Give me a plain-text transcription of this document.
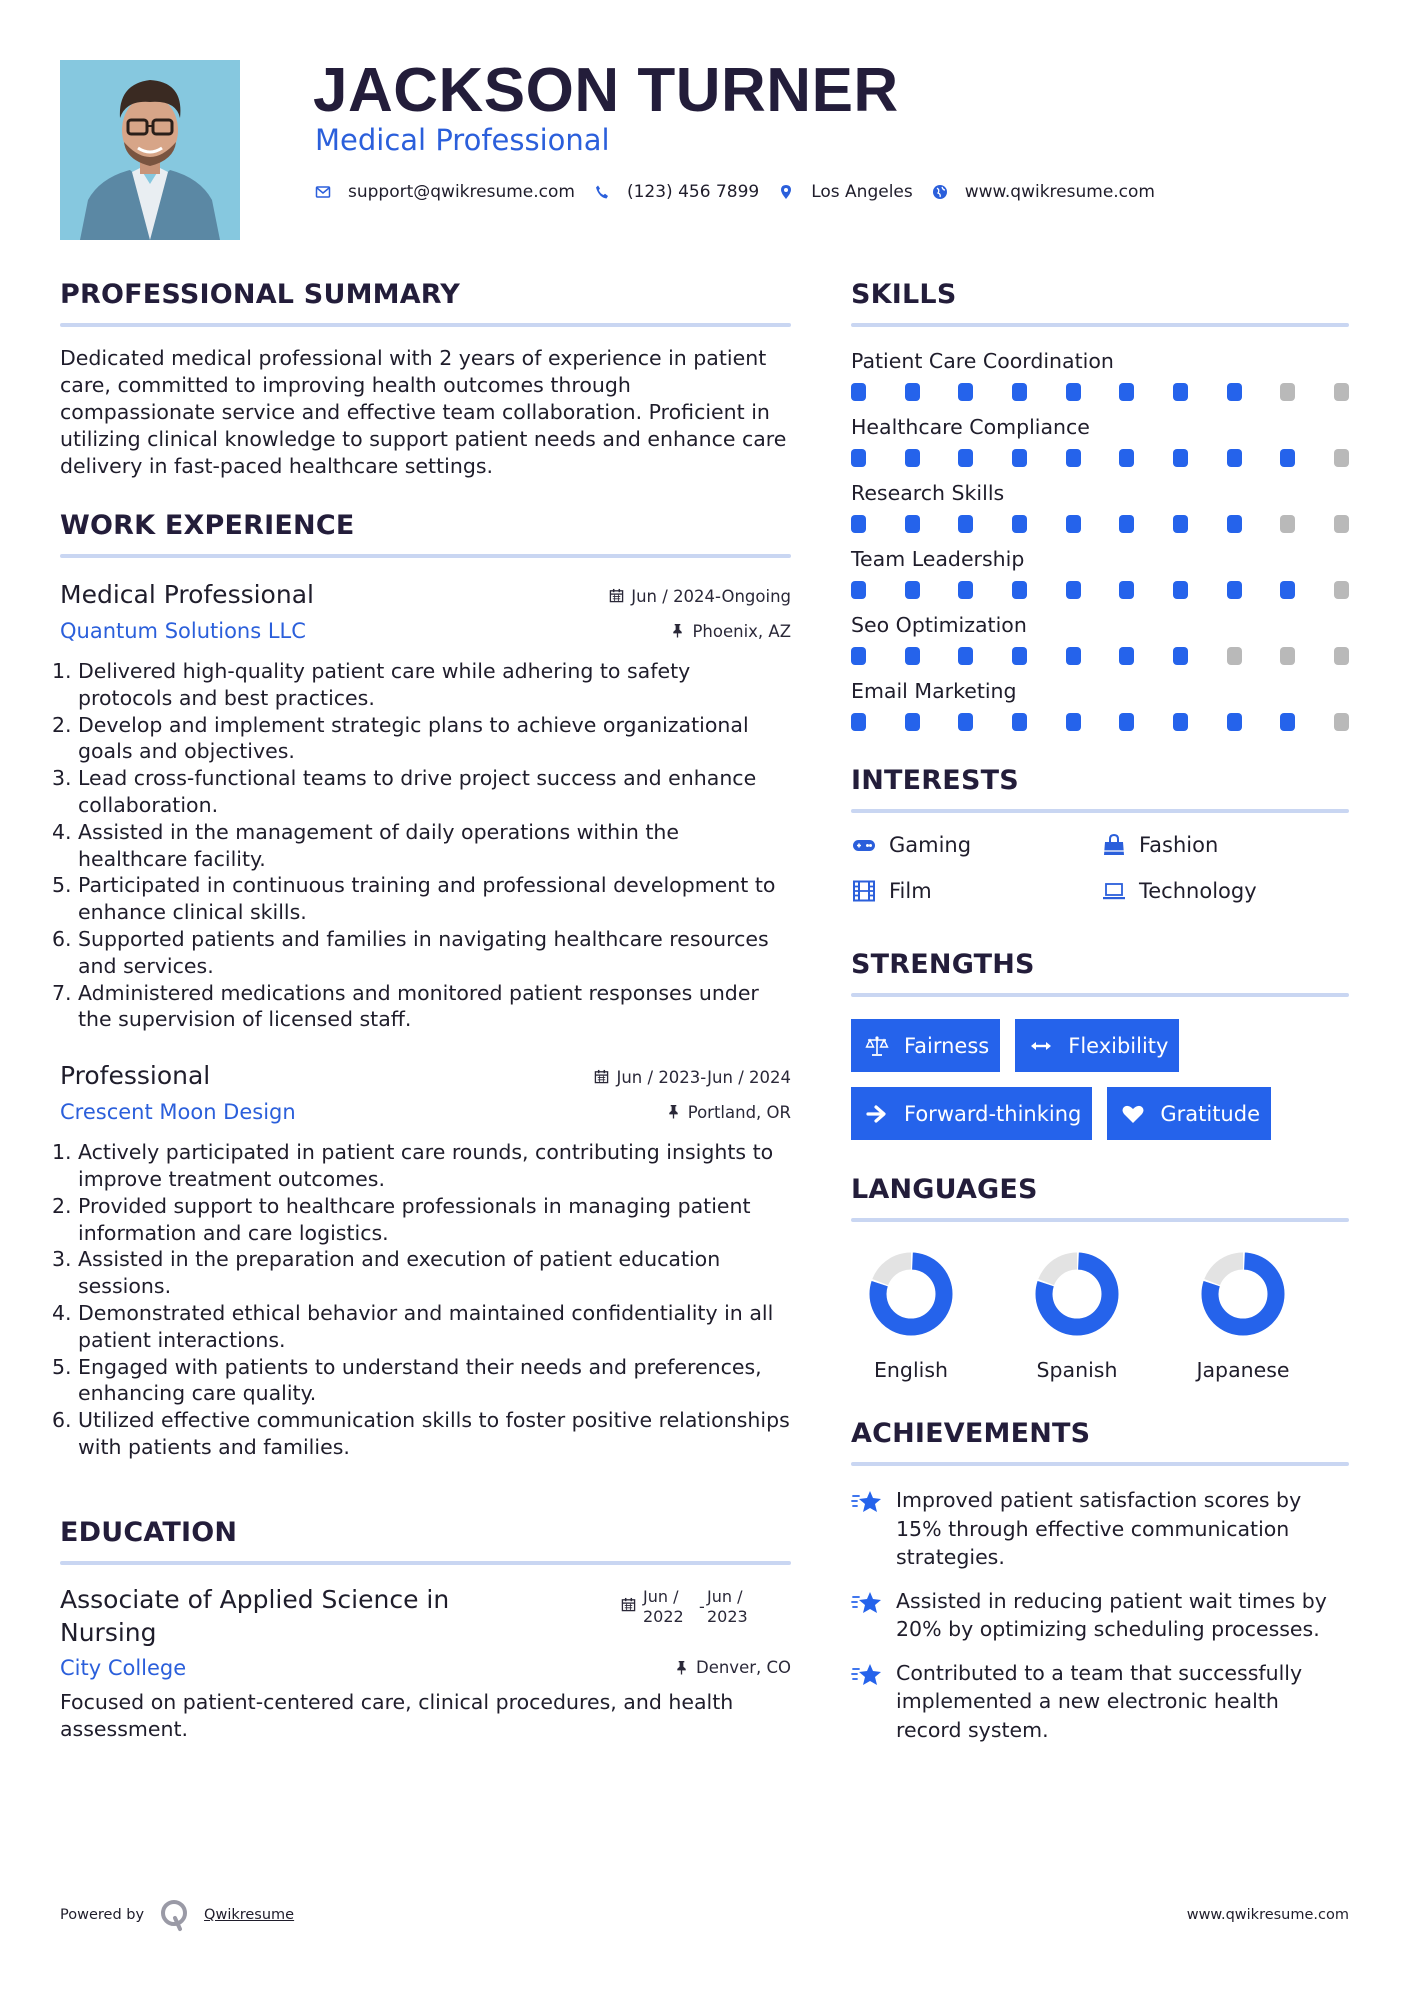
JACKSON TURNER
Medical Professional
support@qwikresume.com	(123) 456 7899	Los Angeles	www.qwikresume.com
PROFESSIONAL SUMMARY

Dedicated medical professional with 2 years of experience in patient care, committed to improving health outcomes through compassionate service and effective team collaboration. Proficient in utilizing clinical knowledge to support patient needs and enhance care delivery in fast-paced healthcare settings.

WORK EXPERIENCE
Medical Professional	Jun / 2024-Ongoing
Quantum Solutions LLC	Phoenix, AZ
1. Delivered high-quality patient care while adhering to safety protocols and best practices.
2. Develop and implement strategic plans to achieve organizational goals and objectives.
3. Lead cross-functional teams to drive project success and enhance collaboration.
4. Assisted in the management of daily operations within the healthcare facility.
5. Participated in continuous training and professional development to enhance clinical skills.
6. Supported patients and families in navigating healthcare resources and services.
7. Administered medications and monitored patient responses under the supervision of licensed staff.
Professional	Jun / 2023-Jun / 2024
Crescent Moon Design	Portland, OR
1. Actively participated in patient care rounds, contributing insights to improve treatment outcomes.
2. Provided support to healthcare professionals in managing patient information and care logistics.
3. Assisted in the preparation and execution of patient education sessions.
4. Demonstrated ethical behavior and maintained confidentiality in all patient interactions.
5. Engaged with patients to understand their needs and preferences, enhancing care quality.
6. Utilized effective communication skills to foster positive relationships with patients and families.
EDUCATION
Associate of Applied Science in Nursing
Jun /
2022
-
Jun /
2023
City College	Denver, CO

Focused on patient-centered care, clinical procedures, and health assessment.

SKILLS
Patient Care Coordination
Healthcare Compliance
Research Skills
Team Leadership
Seo Optimization
Email Marketing
INTERESTS
Gaming	Fashion
Film	Technology
STRENGTHS
Fairness	Flexibility
Forward-thinking	Gratitude
LANGUAGES
English	Spanish	Japanese
ACHIEVEMENTS
Improved patient satisfaction scores by 15% through effective communication strategies.
Assisted in reducing patient wait times by 20% by optimizing scheduling processes.
Contributed to a team that successfully implemented a new electronic health record system.
Powered by	Qwikresume	www.qwikresume.com
